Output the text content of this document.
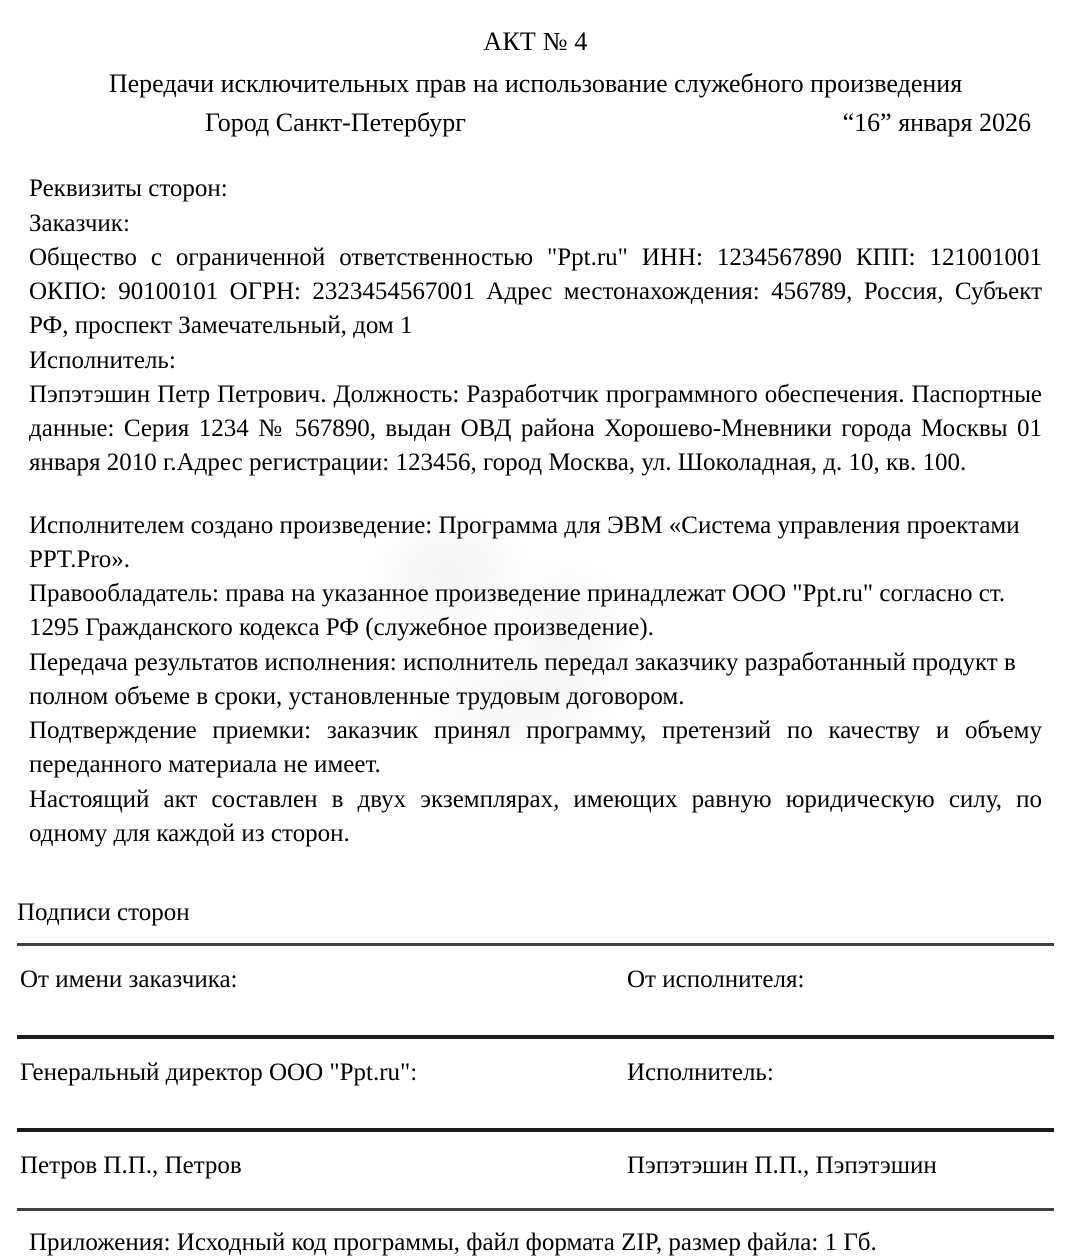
АКТ № 4
Передачи исключительных прав на использование служебного произведения
Город Санкт-Петербург	“16” января 2026

Реквизиты сторон:

Заказчик:

Общество с ограниченной ответственностью "Ppt.ru" ИНН: 1234567890 КПП: 121001001 ОКПО: 90100101 ОГРН: 2323454567001 Адрес местонахождения: 456789, Россия, Субъект РФ, проспект Замечательный, дом 1

Исполнитель:

Пэпэтэшин Петр Петрович. Должность: Разработчик программного обеспечения. Паспортные данные: Серия 1234 № 567890, выдан ОВД района Хорошево-Мневники города Москвы 01 января 2010 г.Адрес регистрации: 123456, город Москва, ул. Шоколадная, д. 10, кв. 100.

Исполнителем создано произведение: Программа для ЭВМ «Система управления проектами PPT.Pro».

Правообладатель: права на указанное произведение принадлежат ООО "Ppt.ru" согласно ст. 1295 Гражданского кодекса РФ (служебное произведение).

Передача результатов исполнения: исполнитель передал заказчику разработанный продукт в полном объеме в сроки, установленные трудовым договором.

Подтверждение приемки: заказчик принял программу, претензий по качеству и объему переданного материала не имеет.

Настоящий акт составлен в двух экземплярах, имеющих равную юридическую силу, по одному для каждой из сторон.

Подписи сторон
От имени заказчика:	От исполнителя:
Генеральный директор ООО "Ppt.ru":	Исполнитель:
Петров П.П., Петров	Пэпэтэшин П.П., Пэпэтэшин
Приложения: Исходный код программы, файл формата ZIP, размер файла: 1 Гб.
